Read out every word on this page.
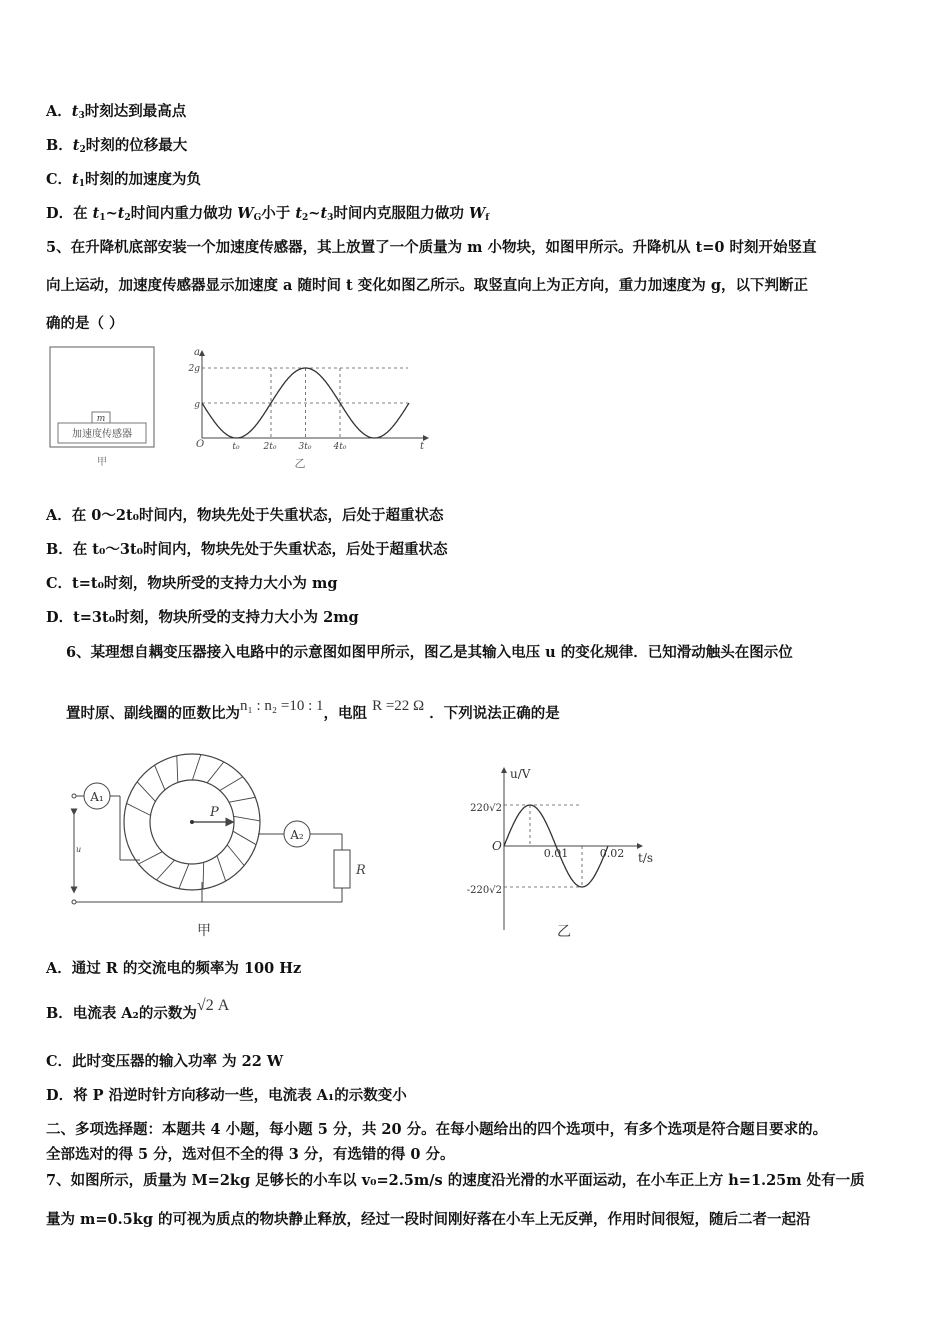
A．$t_3$时刻达到最高点
B．$t_2$时刻的位移最大
C．$t_1$时刻的加速度为负
D．在 $t_1\sim t_2$时间内重力做功 $W_G$小于 $t_2\sim t_3$时间内克服阻力做功 $W_f$
5、在升降机底部安装一个加速度传感器，其上放置了一个质量为 m 小物块，如图甲所示。升降机从 t=0 时刻开始竖直
向上运动，加速度传感器显示加速度 a 随时间 t 变化如图乙所示。取竖直向上为正方向，重力加速度为 g，以下判断正
确的是（ ）
m
加速度传感器
甲
a
t
O
2g
g
t₀	2t₀ 3t₀ 4t₀
乙
A．在 0～2t₀时间内，物块先处于失重状态，后处于超重状态
B．在 t₀～3t₀时间内，物块先处于失重状态，后处于超重状态
C．t=t₀时刻，物块所受的支持力大小为 mg
D．t=3t₀时刻，物块所受的支持力大小为 2mg
6、某理想自耦变压器接入电路中的示意图如图甲所示，图乙是其输入电压 u 的变化规律．已知滑动触头在图示位
置时原、副线圈的匝数比为n₁ : n₂ =10 : 1，电阻 R =22 Ω ．下列说法正确的是
A₁
u
P
A₂
R
甲
u/V
t/s
O
220√2
-220√2
0.01	0.02
乙
A．通过 R 的交流电的频率为 100 Hz
B．电流表 A₂的示数为√2 A
C．此时变压器的输入功率 为 22 W
D．将 P 沿逆时针方向移动一些，电流表 A₁的示数变小
二、多项选择题：本题共 4 小题，每小题 5 分，共 20 分。在每小题给出的四个选项中，有多个选项是符合题目要求的。
全部选对的得 5 分，选对但不全的得 3 分，有选错的得 0 分。
7、如图所示，质量为 M=2kg 足够长的小车以 v₀=2.5m/s 的速度沿光滑的水平面运动，在小车正上方 h=1.25m 处有一质
量为 m=0.5kg 的可视为质点的物块静止释放，经过一段时间刚好落在小车上无反弹，作用时间很短，随后二者一起沿
